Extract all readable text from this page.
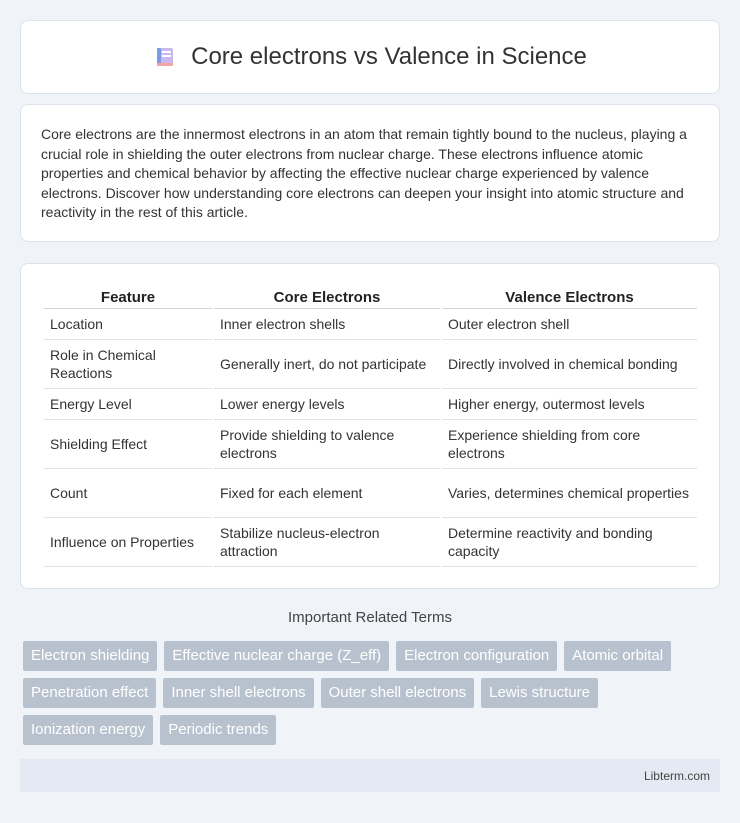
Core electrons vs Valence in Science

Core electrons are the innermost electrons in an atom that remain tightly bound to the nucleus, playing a crucial role in shielding the outer electrons from nuclear charge. These electrons influence atomic properties and chemical behavior by affecting the effective nuclear charge experienced by valence electrons. Discover how understanding core electrons can deepen your insight into atomic structure and reactivity in the rest of this article.

Feature	Core Electrons	Valence Electrons
Location	Inner electron shells	Outer electron shell
Role in Chemical Reactions	Generally inert, do not participate	Directly involved in chemical bonding
Energy Level	Lower energy levels	Higher energy, outermost levels
Shielding Effect	Provide shielding to valence electrons	Experience shielding from core electrons
Count	Fixed for each element	Varies, determines chemical properties
Influence on Properties	Stabilize nucleus-electron attraction	Determine reactivity and bonding capacity
Important Related Terms
Electron shielding	Effective nuclear charge (Z_eff)	Electron configuration	Atomic orbital
Penetration effect	Inner shell electrons	Outer shell electrons	Lewis structure
Ionization energy	Periodic trends
Libterm.com
